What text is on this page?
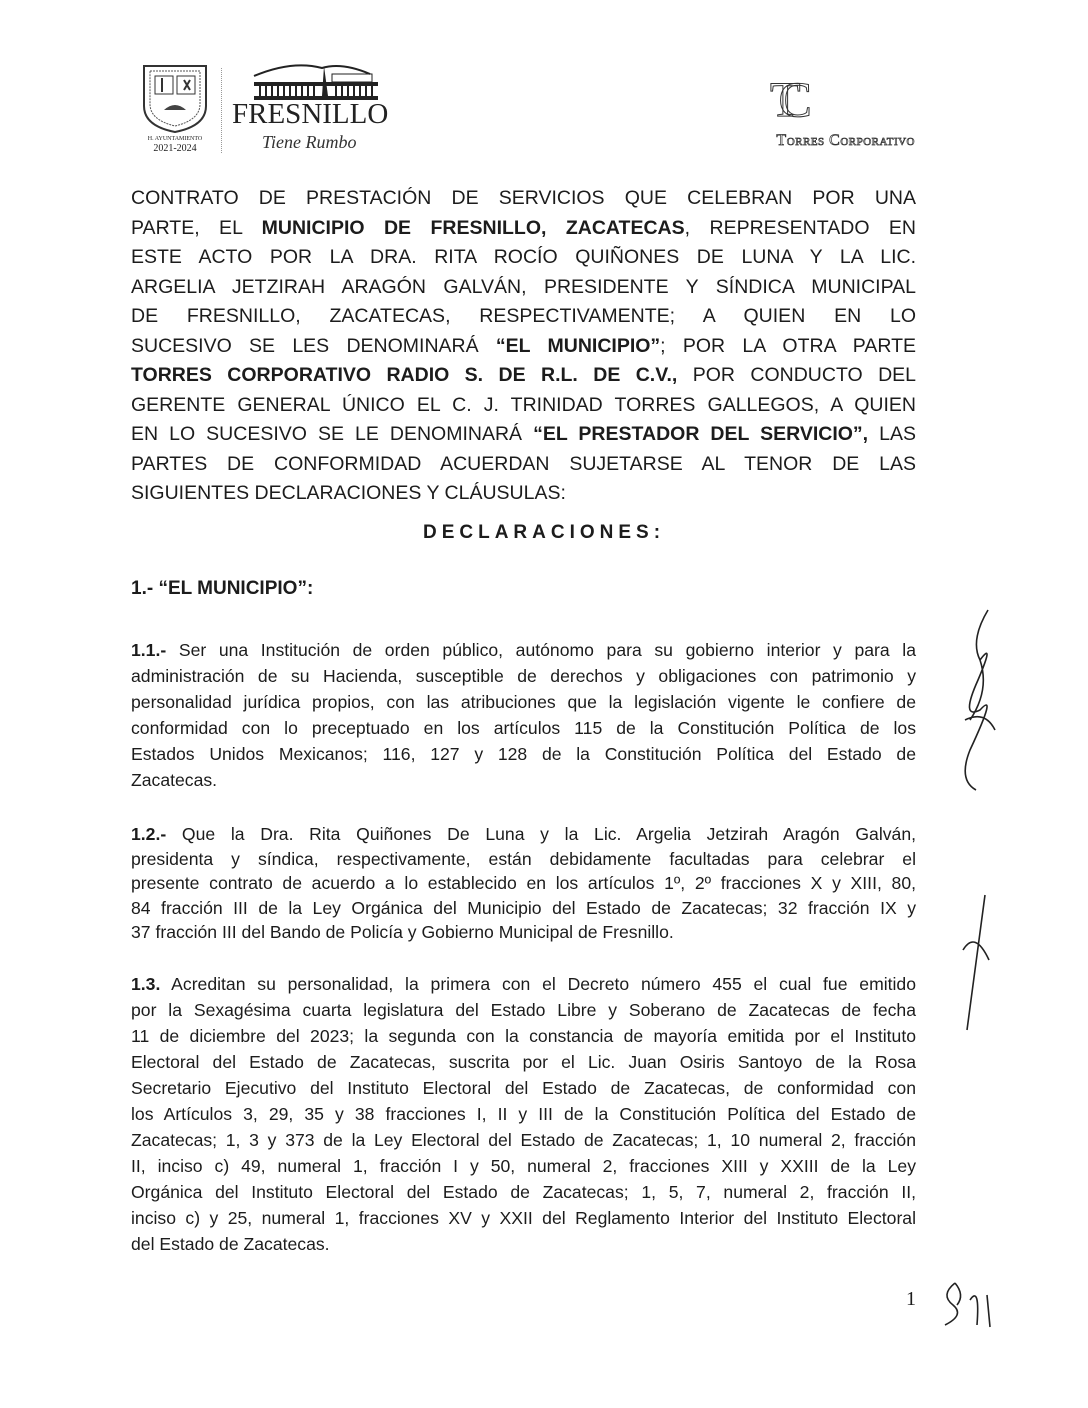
H. AYUNTAMIENTO
2021-2024
FRESNILLO
Tiene Rumbo
TC
Torres Corporativo
CONTRATO DE PRESTACIÓN DE SERVICIOS QUE CELEBRAN POR UNA
PARTE, EL MUNICIPIO DE FRESNILLO, ZACATECAS, REPRESENTADO EN
ESTE ACTO POR LA DRA. RITA ROCÍO QUIÑONES DE LUNA Y LA LIC.
ARGELIA JETZIRAH ARAGÓN GALVÁN, PRESIDENTE Y SÍNDICA MUNICIPAL
DE FRESNILLO, ZACATECAS, RESPECTIVAMENTE; A QUIEN EN LO
SUCESIVO SE LES DENOMINARÁ “EL MUNICIPIO”; POR LA OTRA PARTE
TORRES CORPORATIVO RADIO S. DE R.L. DE C.V., POR CONDUCTO DEL
GERENTE GENERAL ÚNICO EL C. J. TRINIDAD TORRES GALLEGOS, A QUIEN
EN LO SUCESIVO SE LE DENOMINARÁ “EL PRESTADOR DEL SERVICIO”, LAS
PARTES DE CONFORMIDAD ACUERDAN SUJETARSE AL TENOR DE LAS
SIGUIENTES DECLARACIONES Y CLÁUSULAS:
DECLARACIONES:
1.- “EL MUNICIPIO”:
1.1.- Ser una Institución de orden público, autónomo para su gobierno interior y para la
administración de su Hacienda, susceptible de derechos y obligaciones con patrimonio y
personalidad jurídica propios, con las atribuciones que la legislación vigente le confiere de
conformidad con lo preceptuado en los artículos 115 de la Constitución Política de los
Estados Unidos Mexicanos; 116, 127 y 128 de la Constitución Política del Estado de
Zacatecas.
1.2.- Que la Dra. Rita Quiñones De Luna y la Lic. Argelia Jetzirah Aragón Galván,
presidenta y síndica, respectivamente, están debidamente facultadas para celebrar el
presente contrato de acuerdo a lo establecido en los artículos 1º, 2º fracciones X y XIII, 80,
84 fracción III de la Ley Orgánica del Municipio del Estado de Zacatecas; 32 fracción IX y
37 fracción III del Bando de Policía y Gobierno Municipal de Fresnillo.
1.3. Acreditan su personalidad, la primera con el Decreto número 455 el cual fue emitido
por la Sexagésima cuarta legislatura del Estado Libre y Soberano de Zacatecas de fecha
11 de diciembre del 2023; la segunda con la constancia de mayoría emitida por el Instituto
Electoral del Estado de Zacatecas, suscrita por el Lic. Juan Osiris Santoyo de la Rosa
Secretario Ejecutivo del Instituto Electoral del Estado de Zacatecas, de conformidad con
los Artículos 3, 29, 35 y 38 fracciones I, II y III de la Constitución Política del Estado de
Zacatecas; 1, 3 y 373 de la Ley Electoral del Estado de Zacatecas; 1, 10 numeral 2, fracción
II, inciso c) 49, numeral 1, fracción I y 50, numeral 2, fracciones XIII y XXIII de la Ley
Orgánica del Instituto Electoral del Estado de Zacatecas; 1, 5, 7, numeral 2, fracción II,
inciso c) y 25, numeral 1, fracciones XV y XXII del Reglamento Interior del Instituto Electoral
del Estado de Zacatecas.
1
